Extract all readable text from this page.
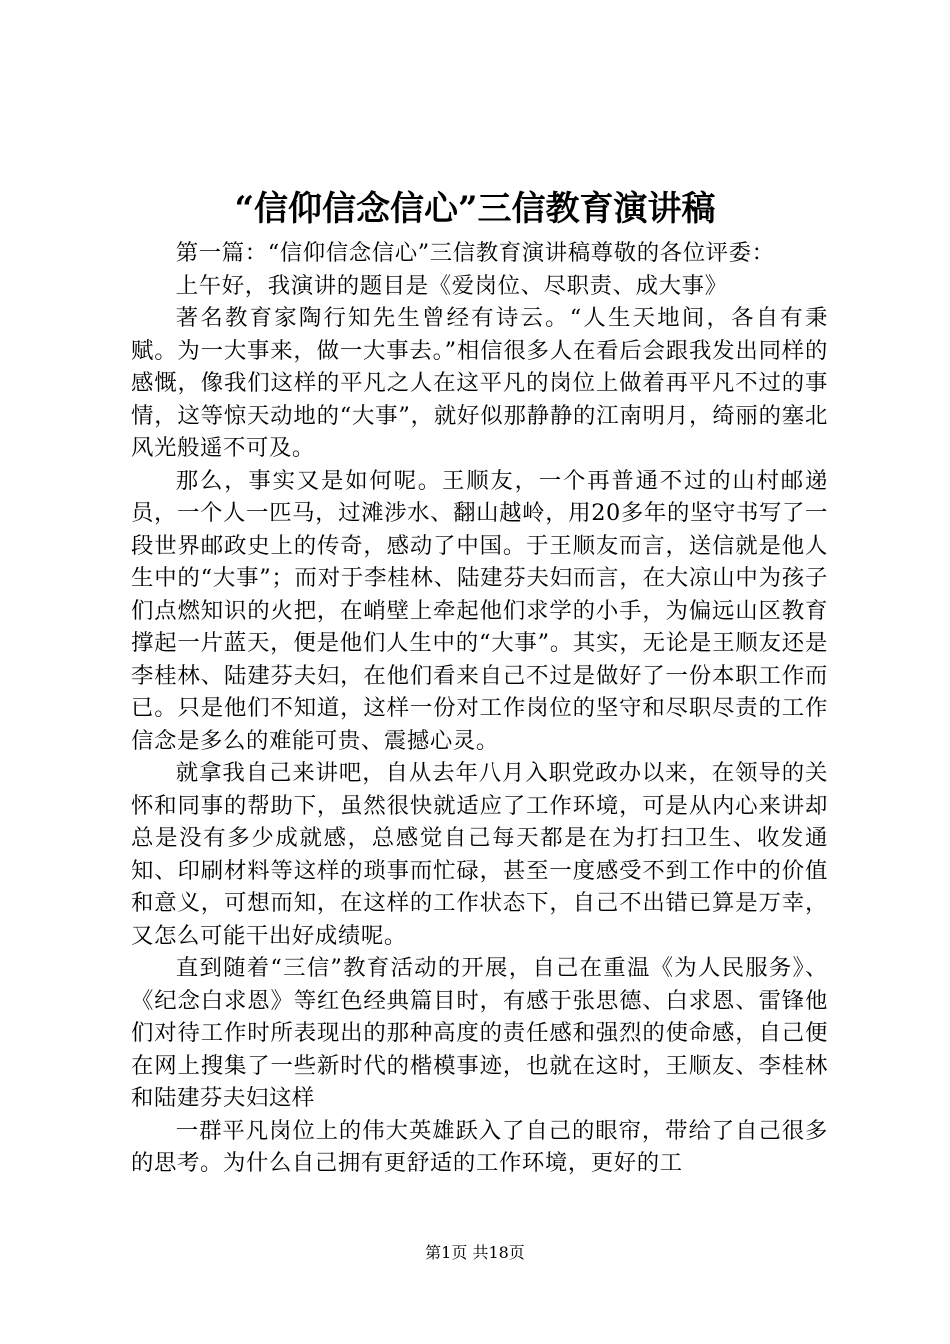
“信仰信念信心”三信教育演讲稿

第一篇：“信仰信念信心”三信教育演讲稿尊敬的各位评委：

上午好，我演讲的题目是《爱岗位、尽职责、成大事》

著名教育家陶行知先生曾经有诗云。“人生天地间，各自有秉赋。为一大事来，做一大事去。”相信很多人在看后会跟我发出同样的感慨，像我们这样的平凡之人在这平凡的岗位上做着再平凡不过的事情，这等惊天动地的“大事”，就好似那静静的江南明月，绮丽的塞北风光般遥不可及。

那么，事实又是如何呢。王顺友，一个再普通不过的山村邮递员，一个人一匹马，过滩涉水、翻山越岭，用20多年的坚守书写了一段世界邮政史上的传奇，感动了中国。于王顺友而言，送信就是他人生中的“大事”；而对于李桂林、陆建芬夫妇而言，在大凉山中为孩子们点燃知识的火把，在峭壁上牵起他们求学的小手，为偏远山区教育撑起一片蓝天，便是他们人生中的“大事”。其实，无论是王顺友还是李桂林、陆建芬夫妇，在他们看来自己不过是做好了一份本职工作而已。只是他们不知道，这样一份对工作岗位的坚守和尽职尽责的工作信念是多么的难能可贵、震撼心灵。

就拿我自己来讲吧，自从去年八月入职党政办以来，在领导的关怀和同事的帮助下，虽然很快就适应了工作环境，可是从内心来讲却总是没有多少成就感，总感觉自己每天都是在为打扫卫生、收发通知、印刷材料等这样的琐事而忙碌，甚至一度感受不到工作中的价值和意义，可想而知，在这样的工作状态下，自己不出错已算是万幸，又怎么可能干出好成绩呢。

直到随着“三信”教育活动的开展，自己在重温《为人民服务》、《纪念白求恩》等红色经典篇目时，有感于张思德、白求恩、雷锋他们对待工作时所表现出的那种高度的责任感和强烈的使命感，自己便在网上搜集了一些新时代的楷模事迹，也就在这时，王顺友、李桂林和陆建芬夫妇这样

一群平凡岗位上的伟大英雄跃入了自己的眼帘，带给了自己很多的思考。为什么自己拥有更舒适的工作环境，更好的工

第1页 共18页
